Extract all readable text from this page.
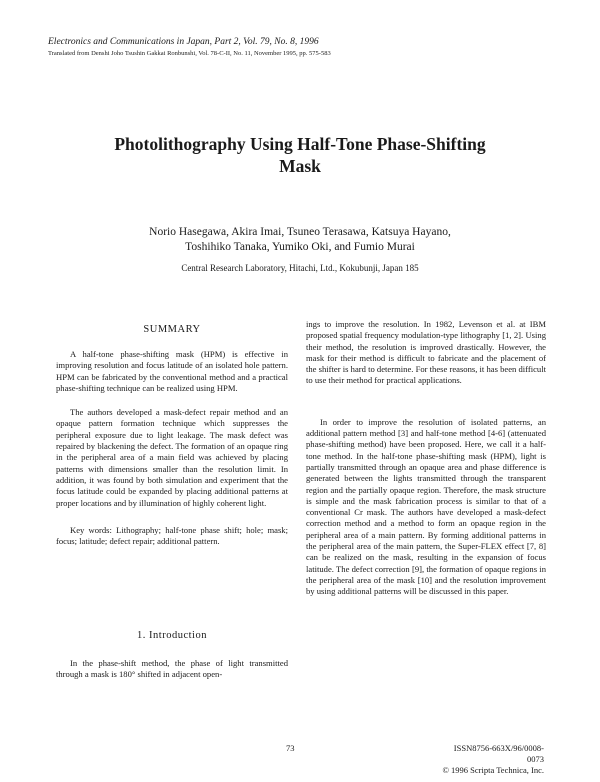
Electronics and Communications in Japan, Part 2, Vol. 79, No. 8, 1996
Translated from Denshi Joho Tsushin Gakkai Ronbunshi, Vol. 78-C-II, No. 11, November 1995, pp. 575-583
Photolithography Using Half-Tone Phase-Shifting
Mask
Norio Hasegawa, Akira Imai, Tsuneo Terasawa, Katsuya Hayano,
Toshihiko Tanaka, Yumiko Oki, and Fumio Murai
Central Research Laboratory, Hitachi, Ltd., Kokubunji, Japan 185
SUMMARY

A half-tone phase-shifting mask (HPM) is effective in improving resolution and focus latitude of an isolated hole pattern. HPM can be fabricated by the conventional method and a practical phase-shifting technique can be realized using HPM.

The authors developed a mask-defect repair method and an opaque pattern formation technique which suppresses the peripheral exposure due to light leakage. The mask defect was repaired by blackening the defect. The formation of an opaque ring in the peripheral area of a main field was achieved by placing patterns with dimensions smaller than the resolution limit. In addition, it was found by both simulation and experiment that the focus latitude could be expanded by placing additional patterns at proper locations and by illumination of highly coherent light.

Key words: Lithography; half-tone phase shift; hole; mask; focus; latitude; defect repair; additional pattern.

1. Introduction

In the phase-shift method, the phase of light transmitted through a mask is 180° shifted in adjacent open-

ings to improve the resolution. In 1982, Levenson et al. at IBM proposed spatial frequency modulation-type lithography [1, 2]. Using their method, the resolution is improved drastically. However, the mask for their method is difficult to fabricate and the placement of the shifter is hard to determine. For these reasons, it has been difficult to use their method for practical applications.

In order to improve the resolution of isolated patterns, an additional pattern method [3] and half-tone method [4-6] (attenuated phase-shifting method) have been proposed. Here, we call it a half-tone method. In the half-tone phase-shifting mask (HPM), light is partially transmitted through an opaque area and phase difference is generated between the lights transmitted through the transparent region and the partially opaque region. Therefore, the mask structure is simple and the mask fabrication process is similar to that of a conventional Cr mask. The authors have developed a mask-defect correction method and a method to form an opaque region in the peripheral area of a main pattern. By forming additional patterns in the peripheral area of the main pattern, the Super-FLEX effect [7, 8] can be realized on the mask, resulting in the expansion of focus latitude. The defect correction [9], the formation of opaque regions in the peripheral area of the mask [10] and the resolution improvement by using additional patterns will be discussed in this paper.

73	ISSN8756-663X/96/0008-0073
© 1996 Scripta Technica, Inc.
